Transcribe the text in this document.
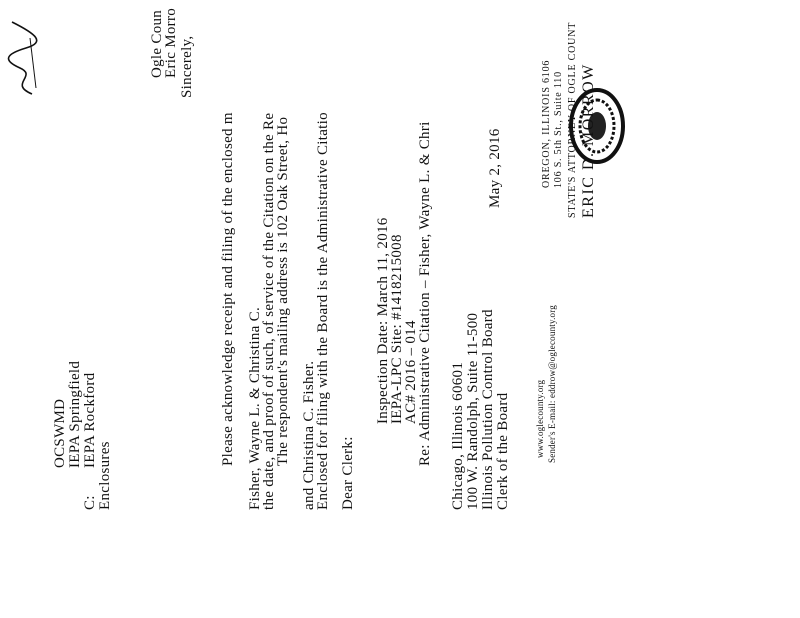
ERIC D. MORROW
STATE'S ATTORNEY OF OGLE COUNT
106 S. 5th St., Suite 110
OREGON, ILLINOIS 6106
Sender's E-mail: eddrow@oglecounty.org
www.oglecounty.org
May 2, 2016
Clerk of the Board
Illinois Pollution Control Board
100 W. Randolph, Suite 11-500
Chicago, Illinois 60601
Re: Administrative Citation – Fisher, Wayne L. & Chri
AC# 2016 – 014
IEPA-LPC Site: #1418215008
Inspection Date: March 11, 2016
Dear Clerk:
Enclosed for filing with the Board is the Administrative Citatio
and Christina C. Fisher.
The respondent's mailing address is 102 Oak Street, Ho
the date, and proof of such, of service of the Citation on the Re
Fisher, Wayne L. & Christina C.
Please acknowledge receipt and filing of the enclosed m
Sincerely,
Eric Morro
Ogle Coun
Enclosures
C:
IEPA Rockford
IEPA Springfield
OCSWMD
